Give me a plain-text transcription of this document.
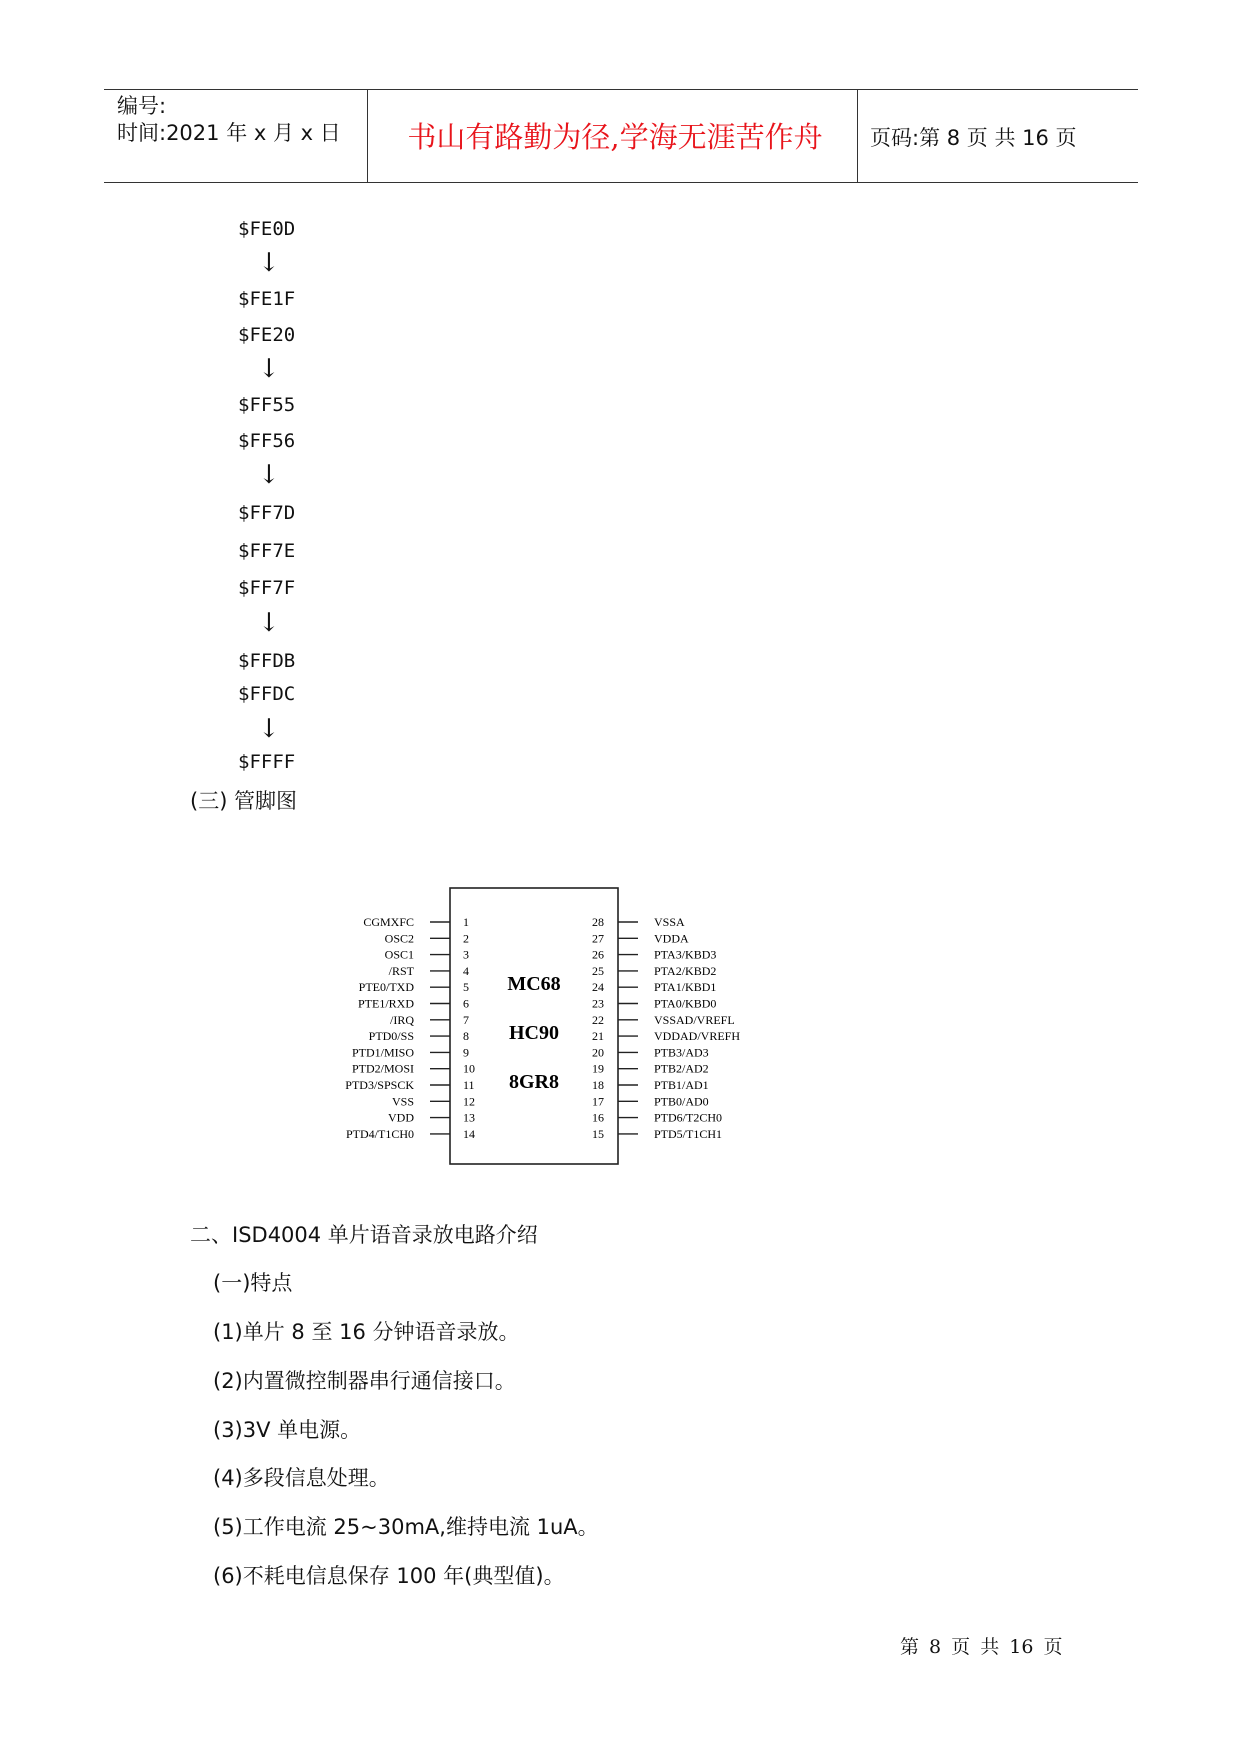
编号:
时间:2021 年 x 月 x 日	书山有路勤为径,学海无涯苦作舟	页码:第 8 页 共 16 页
$FE0D
↓
$FE1F
$FE20
↓
$FF55
$FF56
↓
$FF7D
$FF7E
$FF7F
↓
$FFDB
$FFDC
↓
$FFFF
(三) 管脚图
CGMXFC	1
OSC2	2
OSC1	3
/RST	4
PTE0/TXD	5
PTE1/RXD	6
/IRQ	7
PTD0/SS	8
PTD1/MISO	9
PTD2/MOSI	10
PTD3/SPSCK	11
VSS	12
VDD	13
PTD4/T1CH0	14
28	VSSA
27	VDDA
26	PTA3/KBD3
25	PTA2/KBD2
24	PTA1/KBD1
23	PTA0/KBD0
22	VSSAD/VREFL
21	VDDAD/VREFH
20	PTB3/AD3
19	PTB2/AD2
18	PTB1/AD1
17	PTB0/AD0
16	PTD6/T2CH0
15	PTD5/T1CH1
MC68
HC90
8GR8
二、ISD4004 单片语音录放电路介绍
(一)特点
(1)单片 8 至 16 分钟语音录放。
(2)内置微控制器串行通信接口。
(3)3V 单电源。
(4)多段信息处理。
(5)工作电流 25~30mA,维持电流 1uA。
(6)不耗电信息保存 100 年(典型值)。
第 8 页 共 16 页
